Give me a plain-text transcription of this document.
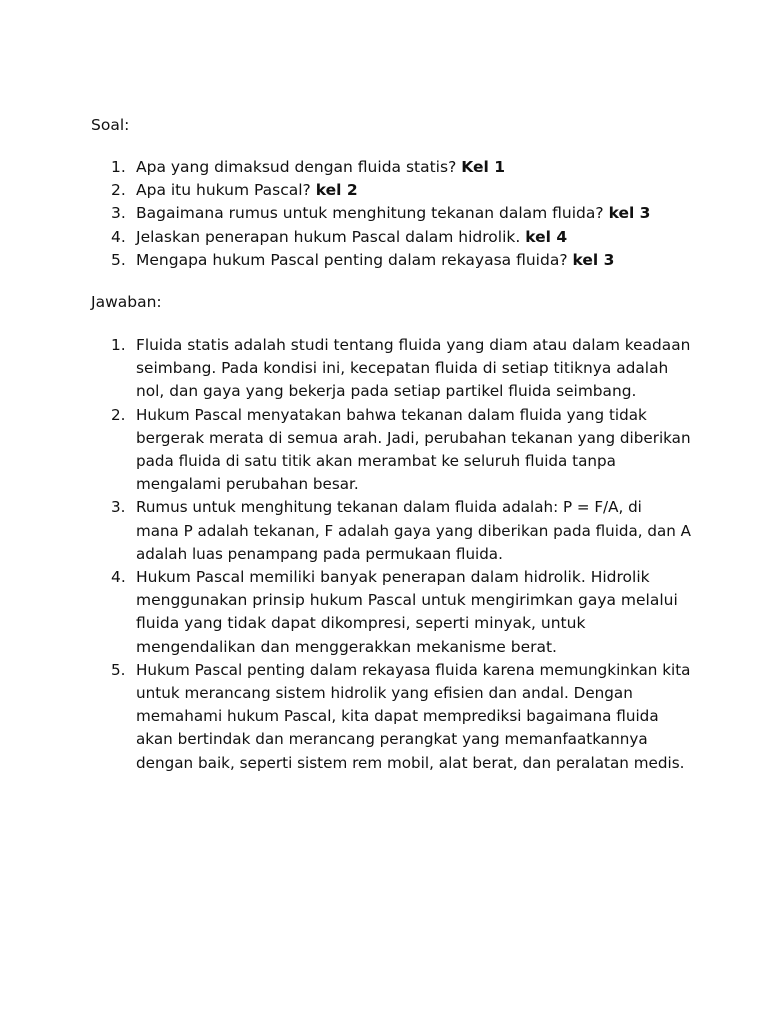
Soal:
1. Apa yang dimaksud dengan fluida statis? Kel 1
2. Apa itu hukum Pascal? kel 2
3. Bagaimana rumus untuk menghitung tekanan dalam fluida? kel 3
4. Jelaskan penerapan hukum Pascal dalam hidrolik. kel 4
5. Mengapa hukum Pascal penting dalam rekayasa fluida? kel 3
Jawaban:
1. Fluida statis adalah studi tentang fluida yang diam atau dalam keadaan
seimbang. Pada kondisi ini, kecepatan fluida di setiap titiknya adalah
nol, dan gaya yang bekerja pada setiap partikel fluida seimbang.
2. Hukum Pascal menyatakan bahwa tekanan dalam fluida yang tidak
bergerak merata di semua arah. Jadi, perubahan tekanan yang diberikan
pada fluida di satu titik akan merambat ke seluruh fluida tanpa
mengalami perubahan besar.
3. Rumus untuk menghitung tekanan dalam fluida adalah: P = F/A, di
mana P adalah tekanan, F adalah gaya yang diberikan pada fluida, dan A
adalah luas penampang pada permukaan fluida.
4. Hukum Pascal memiliki banyak penerapan dalam hidrolik. Hidrolik
menggunakan prinsip hukum Pascal untuk mengirimkan gaya melalui
fluida yang tidak dapat dikompresi, seperti minyak, untuk
mengendalikan dan menggerakkan mekanisme berat.
5. Hukum Pascal penting dalam rekayasa fluida karena memungkinkan kita
untuk merancang sistem hidrolik yang efisien dan andal. Dengan
memahami hukum Pascal, kita dapat memprediksi bagaimana fluida
akan bertindak dan merancang perangkat yang memanfaatkannya
dengan baik, seperti sistem rem mobil, alat berat, dan peralatan medis.
